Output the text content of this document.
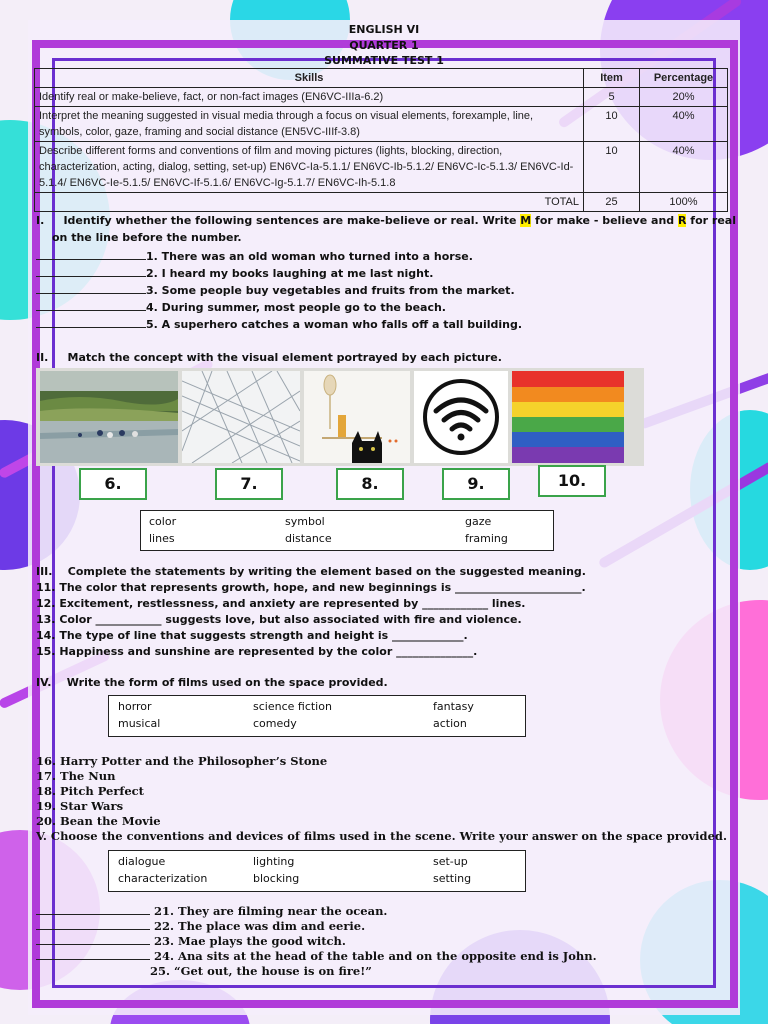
ENGLISH VI
QUARTER 1
SUMMATIVE TEST 1
Skills	Item	Percentage
Identify real or make-believe, fact, or non-fact images (EN6VC-IIIa-6.2)	5	20%
Interpret the meaning suggested in visual media through a focus on visual elements, forexample, line, symbols, color, gaze, framing and social distance (EN5VC-IIIf-3.8)	10	40%
Describe different forms and conventions of film and moving pictures (lights, blocking, direction, characterization, acting, dialog, setting, set-up) EN6VC-Ia-5.1.1/ EN6VC-Ib-5.1.2/ EN6VC-Ic-5.1.3/ EN6VC-Id-5.1.4/ EN6VC-Ie-5.1.5/ EN6VC-If-5.1.6/ EN6VC-Ig-5.1.7/ EN6VC-Ih-5.1.8	10	40%
TOTAL	25	100%
I. Identify whether the following sentences are make-believe or real. Write M for make - believe and R for real
on the line before the number.
1. There was an old woman who turned into a horse.
2. I heard my books laughing at me last night.
3. Some people buy vegetables and fruits from the market.
4. During summer, most people go to the beach.
5. A superhero catches a woman who falls off a tall building.
II. Match the concept with the visual element portrayed by each picture.
6.	7.	8.	9.	10.
color	symbol	gaze
lines	distance	framing
III. Complete the statements by writing the element based on the suggested meaning.
11. The color that represents growth, hope, and new beginnings is _______________________.
12. Excitement, restlessness, and anxiety are represented by ____________ lines.
13. Color ____________ suggests love, but also associated with fire and violence.
14. The type of line that suggests strength and height is _____________.
15. Happiness and sunshine are represented by the color ______________.
IV. Write the form of films used on the space provided.
horror	science fiction	fantasy
musical	comedy	action
16. Harry Potter and the Philosopher’s Stone
17. The Nun
18. Pitch Perfect
19. Star Wars
20. Bean the Movie
V. Choose the conventions and devices of films used in the scene. Write your answer on the space provided.
dialogue	lighting	set-up
characterization	blocking	setting

21. They are filming near the ocean.

22. The place was dim and eerie.

23. Mae plays the good witch.

24. Ana sits at the head of the table and on the opposite end is John.

25. “Get out, the house is on fire!”
